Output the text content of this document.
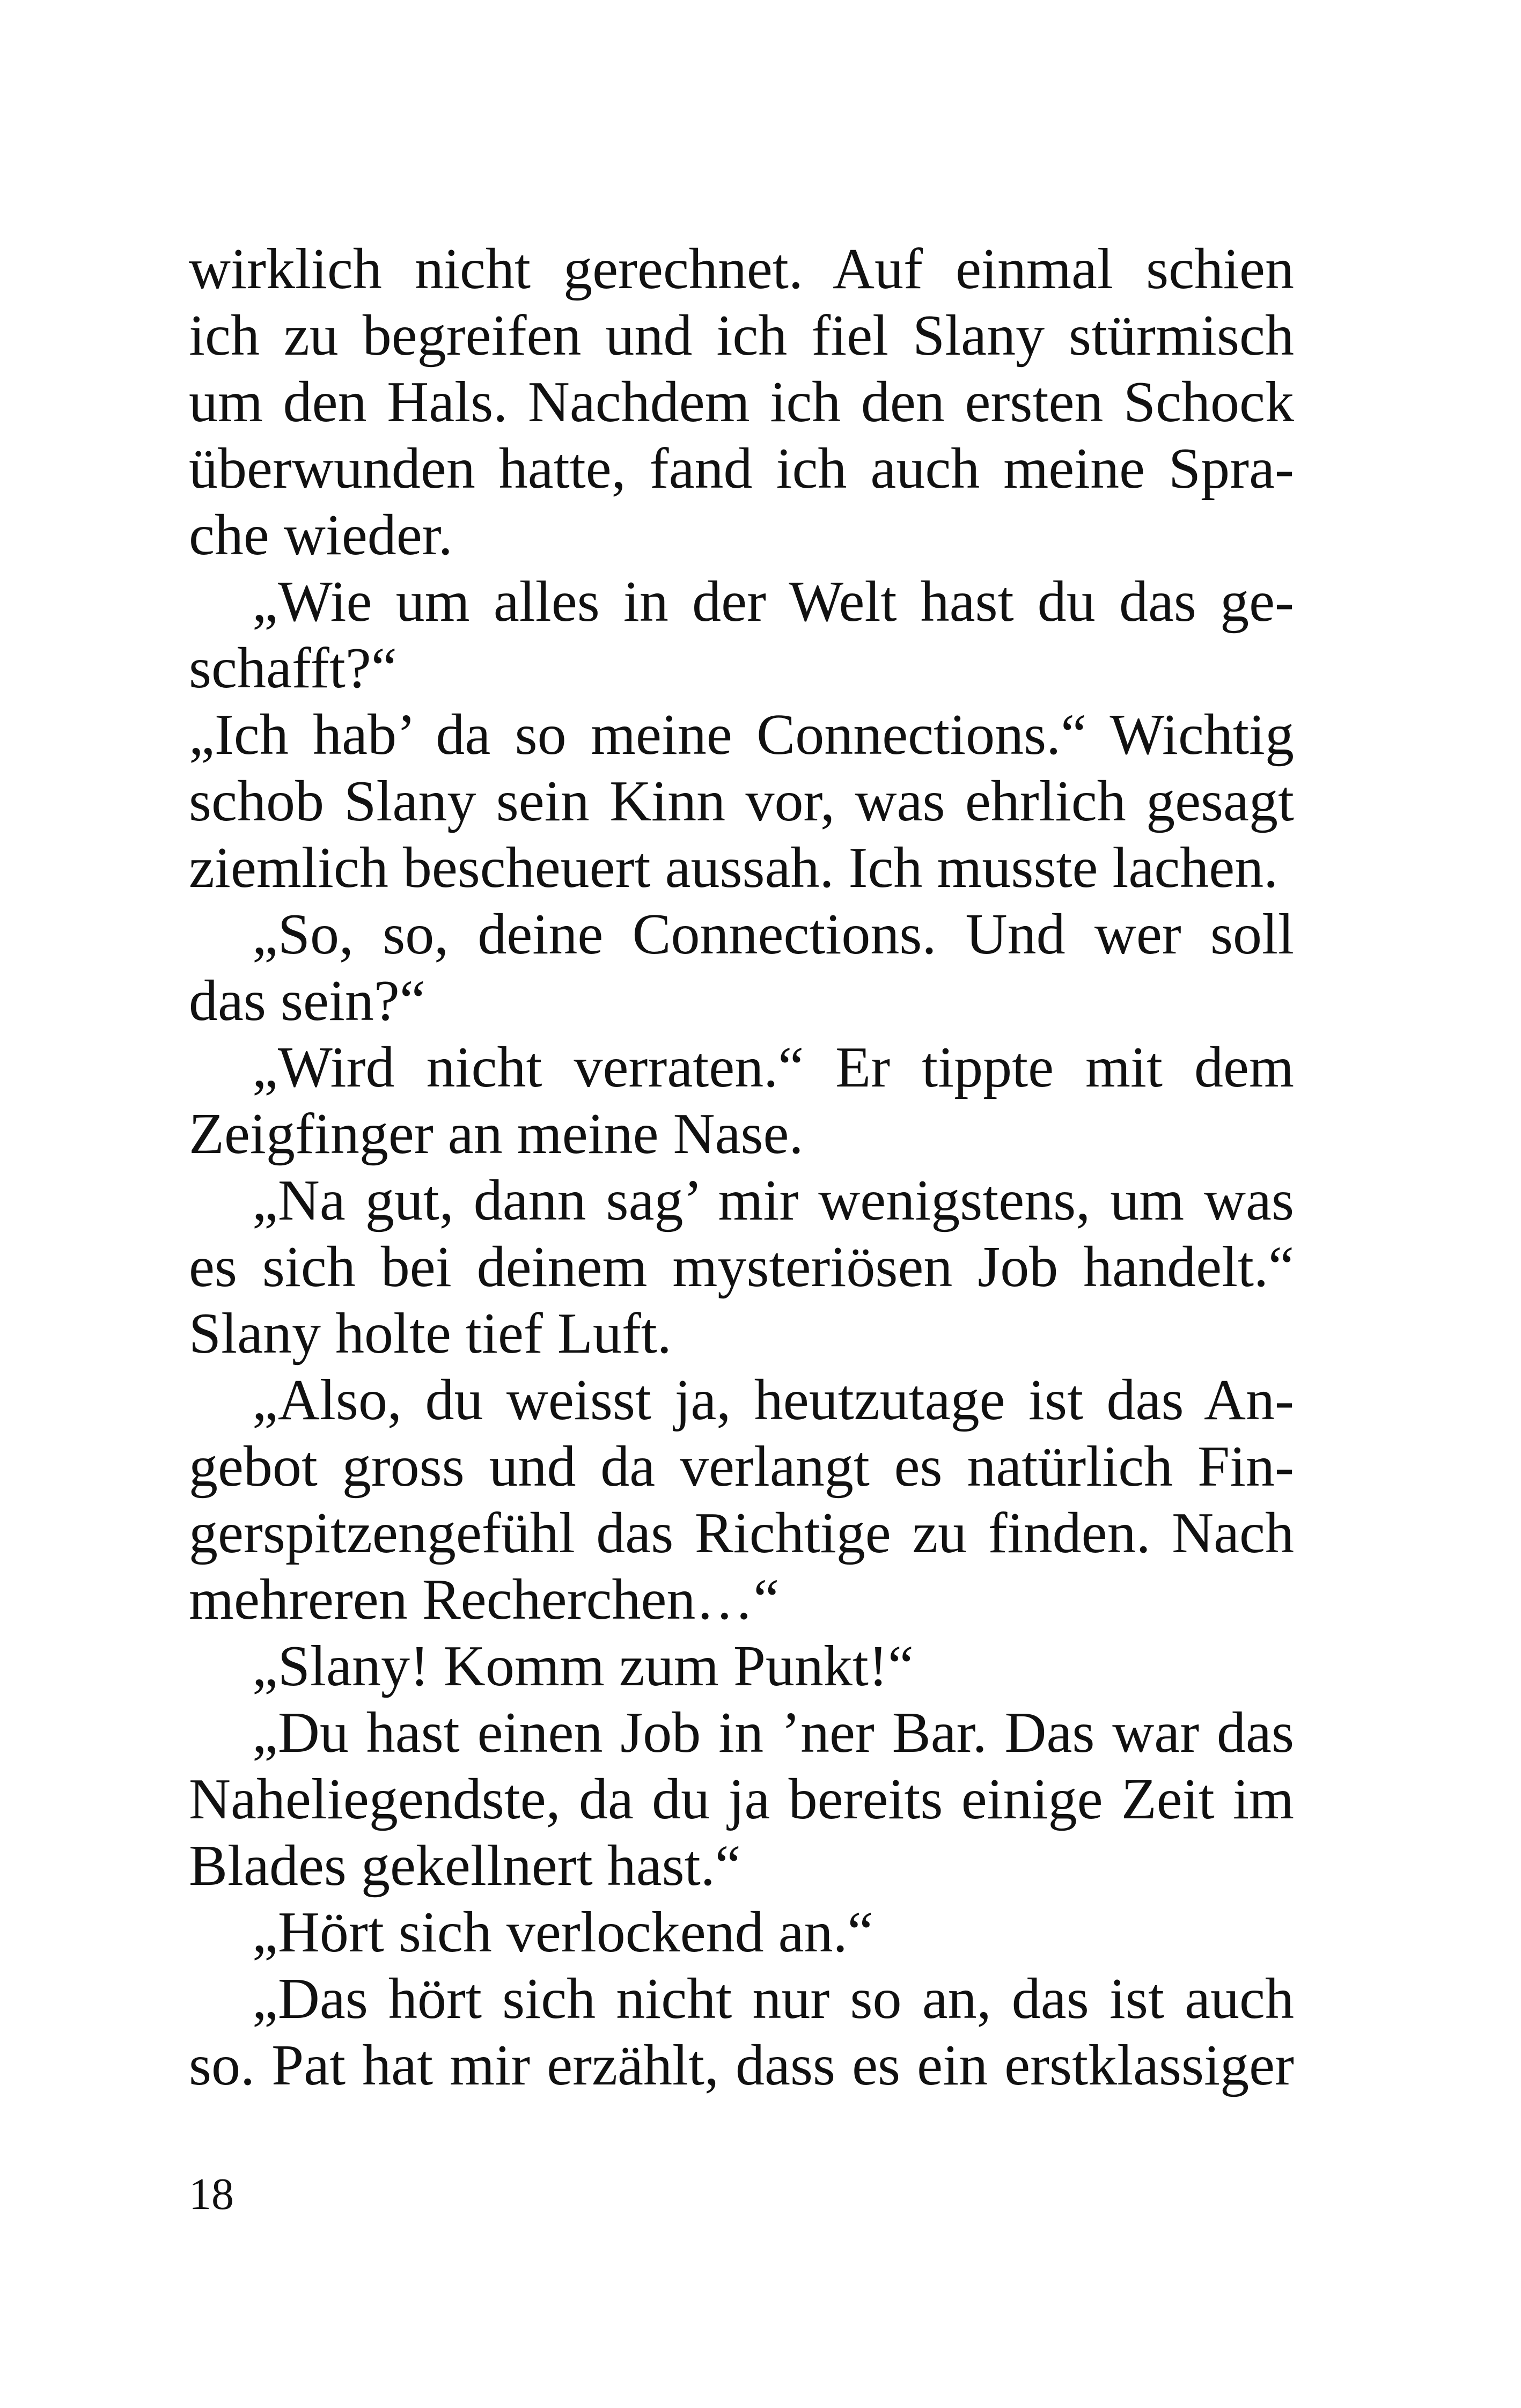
wirklich nicht gerechnet. Auf einmal schien
ich zu begreifen und ich fiel Slany stürmisch
um den Hals. Nachdem ich den ersten Schock
überwunden hatte, fand ich auch meine Spra-
che wieder.
„Wie um alles in der Welt hast du das ge-
schafft?“
„Ich hab’ da so meine Connections.“ Wichtig
schob Slany sein Kinn vor, was ehrlich gesagt
ziemlich bescheuert aussah. Ich musste lachen.
„So, so, deine Connections. Und wer soll
das sein?“
„Wird nicht verraten.“ Er tippte mit dem
Zeigfinger an meine Nase.
„Na gut, dann sag’ mir wenigstens, um was
es sich bei deinem mysteriösen Job handelt.“
Slany holte tief Luft.
„Also, du weisst ja, heutzutage ist das An-
gebot gross und da verlangt es natürlich Fin-
gerspitzengefühl das Richtige zu finden. Nach
mehreren Recherchen…“
„Slany! Komm zum Punkt!“
„Du hast einen Job in ’ner Bar. Das war das
Naheliegendste, da du ja bereits einige Zeit im
Blades gekellnert hast.“
„Hört sich verlockend an.“
„Das hört sich nicht nur so an, das ist auch
so. Pat hat mir erzählt, dass es ein erstklassiger
18
